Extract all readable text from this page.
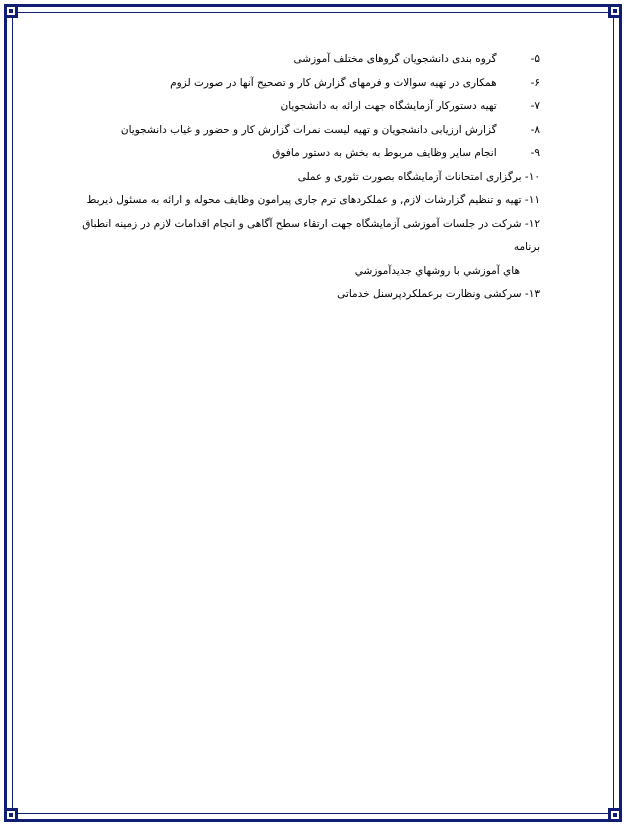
۵- گروه بندی دانشجویان گروهای مختلف آموزشی
۶- همکاری در تهیه سوالات و فرمهای گزارش کار و تصحیح آنها در صورت لزوم
۷- تهیه دستورکار آزمایشگاه جهت ارائه به دانشجویان
۸- گزارش ارزیابی دانشجویان و تهیه لیست نمرات گزارش کار و حضور و غیاب دانشجویان
۹- انجام سایر وظایف مربوط به بخش به دستور مافوق
۱۰- برگزاری امتحانات آزمایشگاه بصورت تئوری و عملی
۱۱- تهیه و تنظیم گزارشات لازم, و عملکردهای ترم جاری پیرامون وظایف محوله و ارائه به مسئول ذیربط
۱۲- شرکت در جلسات آموزشی آزمایشگاه جهت ارتقاء سطح آگاهی و انجام اقدامات لازم در زمینه انطباق برنامه
هاي آموزشي با روشهاي جديدآموزشي
۱۳- سرکشی ونظارت برعملکردپرسنل خدماتی
